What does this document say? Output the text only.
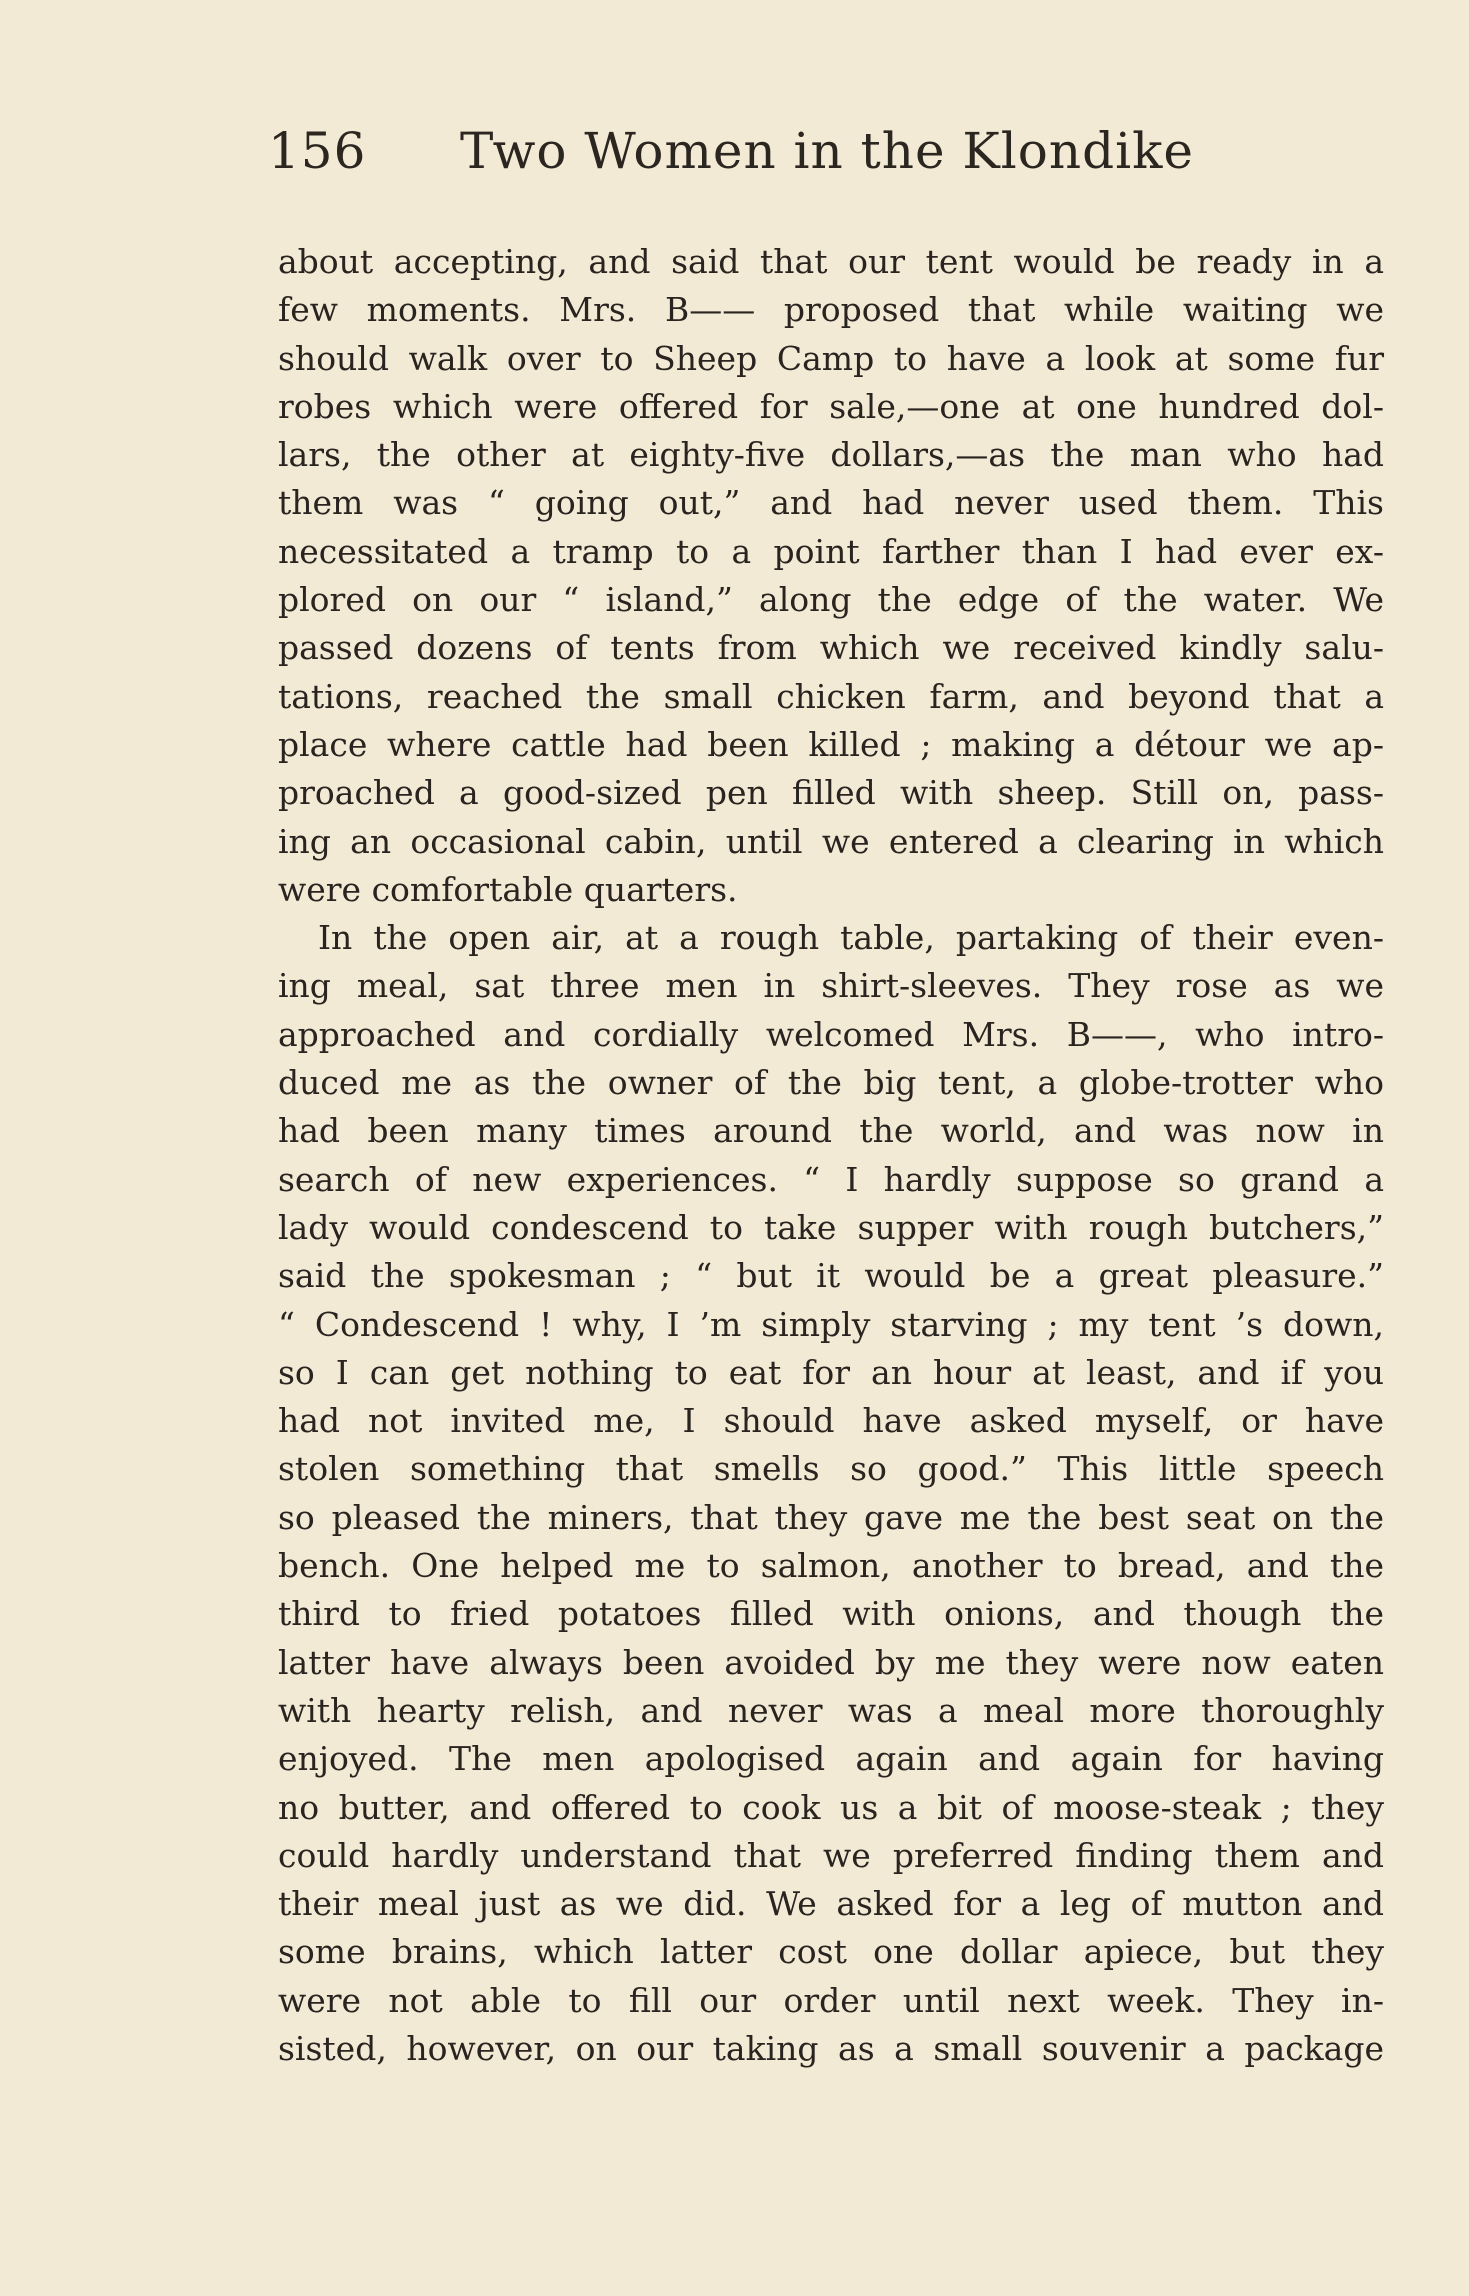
156 Two Women in the Klondike
about accepting, and said that our tent would be ready in a
few moments. Mrs. B—— proposed that while waiting we
should walk over to Sheep Camp to have a look at some fur
robes which were offered for sale,—one at one hundred dol-
lars, the other at eighty-five dollars,—as the man who had
them was “ going out,” and had never used them. This
necessitated a tramp to a point farther than I had ever ex-
plored on our “ island,” along the edge of the water. We
passed dozens of tents from which we received kindly salu-
tations, reached the small chicken farm, and beyond that a
place where cattle had been killed ; making a détour we ap-
proached a good-sized pen filled with sheep. Still on, pass-
ing an occasional cabin, until we entered a clearing in which
were comfortable quarters.
In the open air, at a rough table, partaking of their even-
ing meal, sat three men in shirt-sleeves. They rose as we
approached and cordially welcomed Mrs. B——, who intro-
duced me as the owner of the big tent, a globe-trotter who
had been many times around the world, and was now in
search of new experiences. “ I hardly suppose so grand a
lady would condescend to take supper with rough butchers,”
said the spokesman ; “ but it would be a great pleasure.”
“ Condescend ! why, I ’m simply starving ; my tent ’s down,
so I can get nothing to eat for an hour at least, and if you
had not invited me, I should have asked myself, or have
stolen something that smells so good.” This little speech
so pleased the miners, that they gave me the best seat on the
bench. One helped me to salmon, another to bread, and the
third to fried potatoes filled with onions, and though the
latter have always been avoided by me they were now eaten
with hearty relish, and never was a meal more thoroughly
enjoyed. The men apologised again and again for having
no butter, and offered to cook us a bit of moose-steak ; they
could hardly understand that we preferred finding them and
their meal just as we did. We asked for a leg of mutton and
some brains, which latter cost one dollar apiece, but they
were not able to fill our order until next week. They in-
sisted, however, on our taking as a small souvenir a package
